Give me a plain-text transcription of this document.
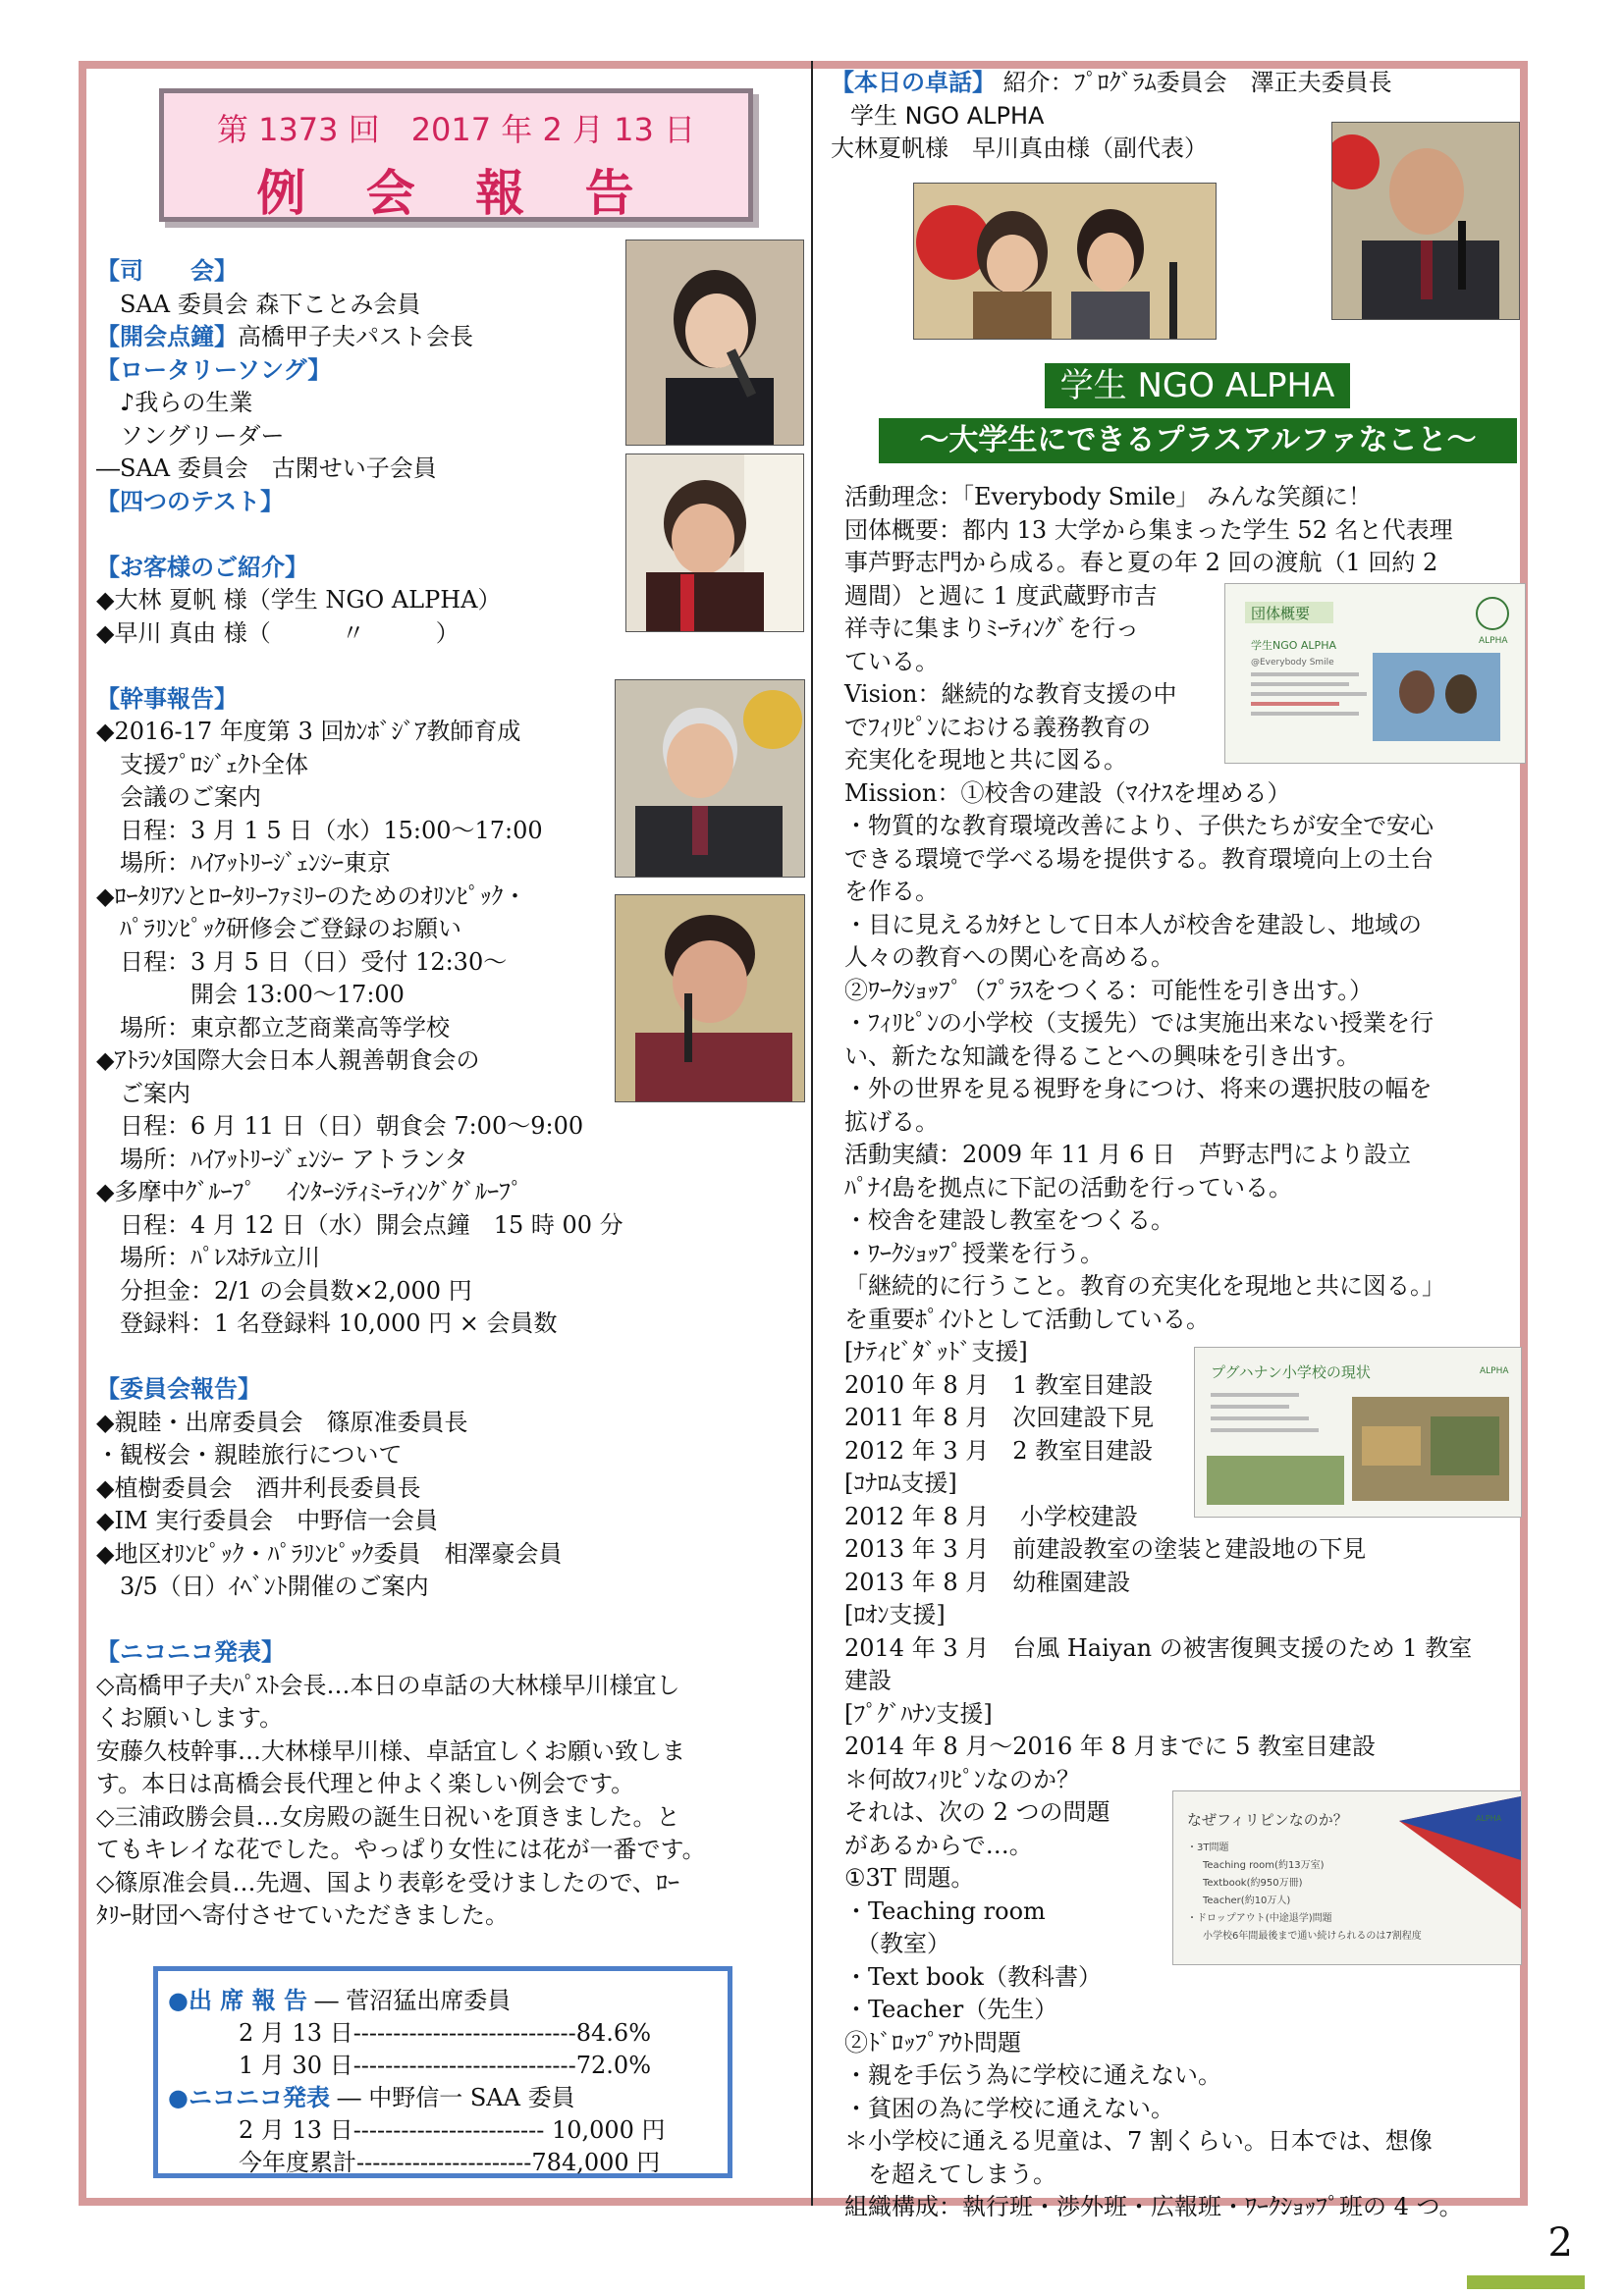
第 1373 回　2017 年 2 月 13 日
例 会 報 告
【司　　会】
　SAA 委員会 森下ことみ会員
【開会点鐘】高橋甲子夫パスト会長
【ロータリーソング】
　♪我らの生業
　ソングリーダー
―SAA 委員会　古閑せい子会員
【四つのテスト】

【お客様のご紹介】
◆大林 夏帆 様（学生 NGO ALPHA）
◆早川 真由 様（　　　〃　　　）

【幹事報告】
◆2016-17 年度第 3 回ｶﾝﾎﾞｼﾞｱ教師育成
　支援ﾌﾟﾛｼﾞｪｸﾄ全体
　会議のご案内
　日程：3 月 1 5 日（水）15:00～17:00
　場所：ﾊｲｱｯﾄﾘｰｼﾞｪﾝｼｰ東京
◆ﾛｰﾀﾘｱﾝとﾛｰﾀﾘｰﾌｧﾐﾘｰのためのｵﾘﾝﾋﾟｯｸ・
　ﾊﾟﾗﾘﾝﾋﾟｯｸ研修会ご登録のお願い
　日程：3 月 5 日（日）受付 12:30～
　　　　開会 13:00～17:00
　場所：東京都立芝商業高等学校
◆ｱﾄﾗﾝﾀ国際大会日本人親善朝食会の
　ご案内
　日程：6 月 11 日（日）朝食会 7:00～9:00
　場所：ﾊｲｱｯﾄﾘｰｼﾞｪﾝｼｰ アトランタ
◆多摩中ｸﾞﾙｰﾌﾟ　 ｲﾝﾀｰｼﾃｨﾐｰﾃｨﾝｸﾞｸﾞﾙｰﾌﾟ
　日程：4 月 12 日（水）開会点鐘　15 時 00 分
　場所：ﾊﾟﾚｽﾎﾃﾙ立川
　分担金：2/1 の会員数×2,000 円
　登録料：1 名登録料 10,000 円 × 会員数

【委員会報告】
◆親睦・出席委員会　篠原准委員長
・観桜会・親睦旅行について
◆植樹委員会　酒井利長委員長
◆IM 実行委員会　中野信一会員
◆地区ｵﾘﾝﾋﾟｯｸ・ﾊﾟﾗﾘﾝﾋﾟｯｸ委員　相澤豪会員
　3/5（日）ｲﾍﾞﾝﾄ開催のご案内

【ニコニコ発表】
◇高橋甲子夫ﾊﾟｽﾄ会長…本日の卓話の大林様早川様宜し
くお願いします。
安藤久枝幹事…大林様早川様、卓話宜しくお願い致しま
す。本日は髙橋会長代理と仲よく楽しい例会です。
◇三浦政勝会員…女房殿の誕生日祝いを頂きました。と
てもキレイな花でした。やっぱり女性には花が一番です。
◇篠原准会員…先週、国より表彰を受けましたので、ﾛｰ
ﾀﾘｰ財団へ寄付させていただきました。
●出 席 報 告 ― 菅沼猛出席委員
　　　2 月 13 日----------------------------84.6%
　　　1 月 30 日----------------------------72.0%
●ニコニコ発表 ― 中野信一 SAA 委員
　　　2 月 13 日------------------------ 10,000 円
　　　今年度累計----------------------784,000 円
【本日の卓話】 紹介：ﾌﾟﾛｸﾞﾗﾑ委員会　澤正夫委員長
学生 NGO ALPHA
大林夏帆様　早川真由様（副代表）
学生 NGO ALPHA
～大学生にできるプラスアルファなこと～
活動理念：「Everybody Smile」 みんな笑顔に！
団体概要：都内 13 大学から集まった学生 52 名と代表理
事芦野志門から成る。春と夏の年 2 回の渡航（1 回約 2
週間）と週に 1 度武蔵野市吉
祥寺に集まりﾐｰﾃｨﾝｸﾞを行っ
ている。
Vision：継続的な教育支援の中
でﾌｨﾘﾋﾟﾝにおける義務教育の
充実化を現地と共に図る。
Mission：①校舎の建設（ﾏｲﾅｽを埋める）
・物質的な教育環境改善により、子供たちが安全で安心
できる環境で学べる場を提供する。教育環境向上の土台
を作る。
・目に見えるｶﾀﾁとして日本人が校舎を建設し、地域の
人々の教育への関心を高める。
②ﾜｰｸｼｮｯﾌﾟ（ﾌﾟﾗｽをつくる：可能性を引き出す。）
・ﾌｨﾘﾋﾟﾝの小学校（支援先）では実施出来ない授業を行
い、新たな知識を得ることへの興味を引き出す。
・外の世界を見る視野を身につけ、将来の選択肢の幅を
拡げる。
活動実績：2009 年 11 月 6 日　芦野志門により設立
ﾊﾟﾅｲ島を拠点に下記の活動を行っている。
・校舎を建設し教室をつくる。
・ﾜｰｸｼｮｯﾌﾟ授業を行う。
「継続的に行うこと。教育の充実化を現地と共に図る。」
を重要ﾎﾟｲﾝﾄとして活動している。
[ﾅﾃｨﾋﾞﾀﾞｯﾄﾞ支援]
2010 年 8 月　1 教室目建設
2011 年 8 月　次回建設下見
2012 年 3 月　2 教室目建設
[ｺﾅﾛﾑ支援]
2012 年 8 月　 小学校建設
2013 年 3 月　前建設教室の塗装と建設地の下見
2013 年 8 月　幼稚園建設
[ﾛｵﾝ支援]
2014 年 3 月　台風 Haiyan の被害復興支援のため 1 教室
建設
[ﾌﾟｸﾞﾊﾅﾝ支援]
2014 年 8 月～2016 年 8 月までに 5 教室目建設
＊何故ﾌｨﾘﾋﾟﾝなのか？
それは、次の 2 つの問題
があるからで…。
①3T 問題。
・Teaching room
　（教室）
・Text book（教科書）
・Teacher（先生）
②ﾄﾞﾛｯﾌﾟｱｳﾄ問題
・親を手伝う為に学校に通えない。
・貧困の為に学校に通えない。
＊小学校に通える児童は、7 割くらい。日本では、想像
　を超えてしまう。
組織構成：執行班・渉外班・広報班・ﾜｰｸｼｮｯﾌﾟ班の 4 つ。
団体概要
学生NGO ALPHA
@Everybody Smile
ALPHA
プグハナン小学校の現状	ALPHA
なぜフィリピンなのか？
・3T問題
Teaching room(約13万室)
Textbook(約950万冊)
Teacher(約10万人)
・ドロップアウト(中途退学)問題
小学校6年間最後まで通い続けられるのは7割程度
ALPHA
2
